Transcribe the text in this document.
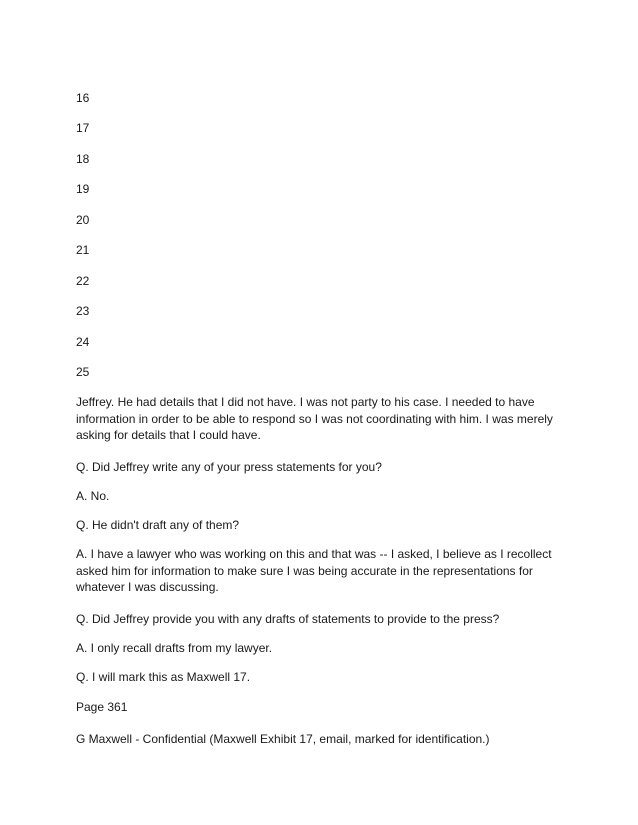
16

17

18

19

20

21

22

23

24

25

Jeffrey. He had details that I did not have. I was not party to his case. I needed to have information in order to be able to respond so I was not coordinating with him. I was merely asking for details that I could have.

Q. Did Jeffrey write any of your press statements for you?

A. No.

Q. He didn't draft any of them?

A. I have a lawyer who was working on this and that was -- I asked, I believe as I recollect asked him for information to make sure I was being accurate in the representations for whatever I was discussing.

Q. Did Jeffrey provide you with any drafts of statements to provide to the press?

A. I only recall drafts from my lawyer.

Q. I will mark this as Maxwell 17.

Page 361

G Maxwell - Confidential (Maxwell Exhibit 17, email, marked for identification.)
